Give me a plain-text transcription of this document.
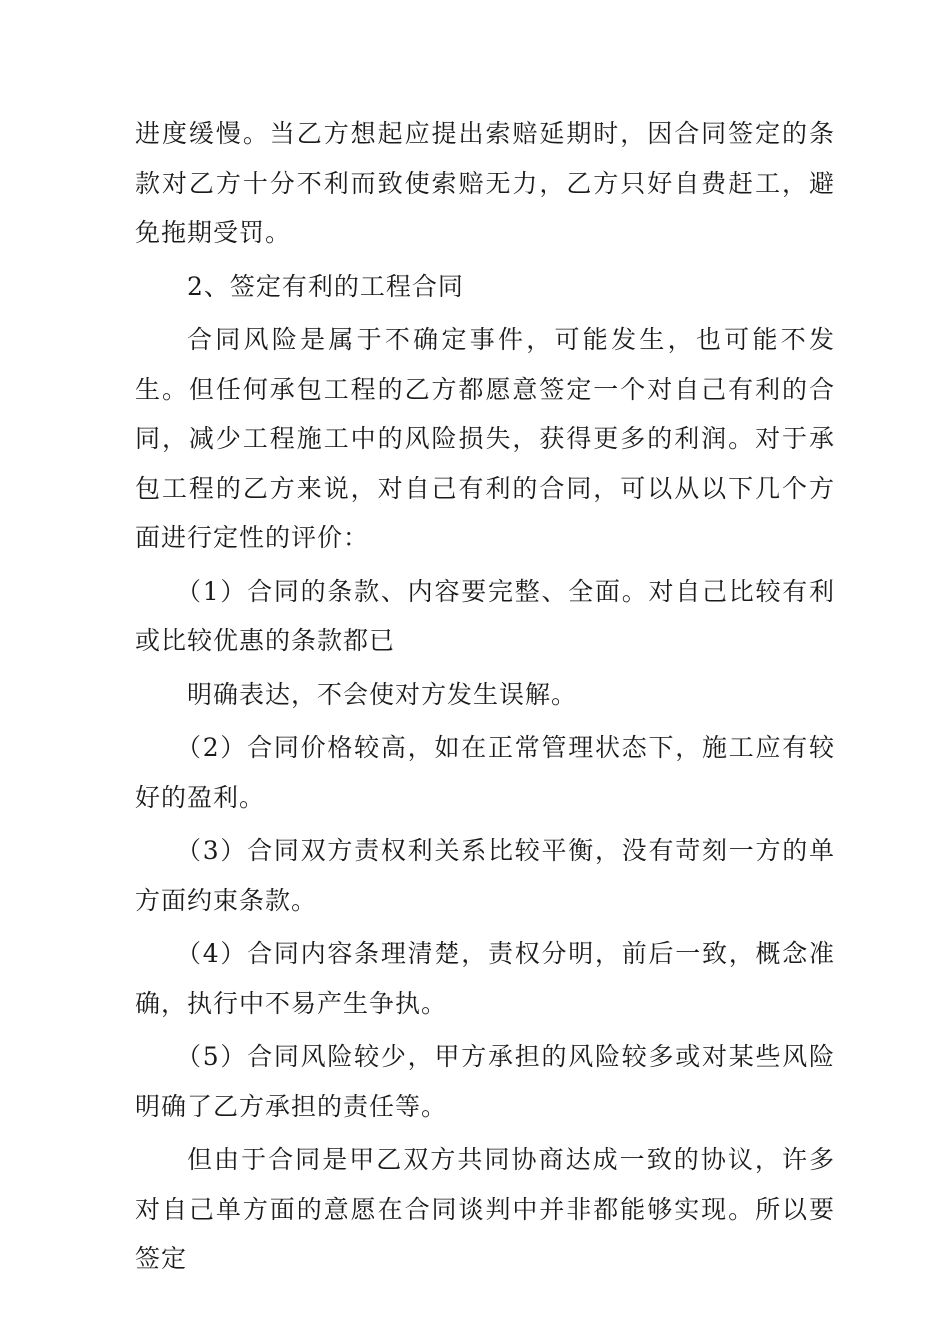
进度缓慢。当乙方想起应提出索赔延期时，因合同签定的条款对乙方十分不利而致使索赔无力，乙方只好自费赶工，避免拖期受罚。

2、签定有利的工程合同

合同风险是属于不确定事件，可能发生，也可能不发生。但任何承包工程的乙方都愿意签定一个对自己有利的合同，减少工程施工中的风险损失，获得更多的利润。对于承包工程的乙方来说，对自己有利的合同，可以从以下几个方面进行定性的评价：

（1）合同的条款、内容要完整、全面。对自己比较有利或比较优惠的条款都已

明确表达，不会使对方发生误解。

（2）合同价格较高，如在正常管理状态下，施工应有较好的盈利。

（3）合同双方责权利关系比较平衡，没有苛刻一方的单方面约束条款。

（4）合同内容条理清楚，责权分明，前后一致，概念准确，执行中不易产生争执。

（5）合同风险较少，甲方承担的风险较多或对某些风险明确了乙方承担的责任等。

但由于合同是甲乙双方共同协商达成一致的协议，许多对自己单方面的意愿在合同谈判中并非都能够实现。所以要签定
